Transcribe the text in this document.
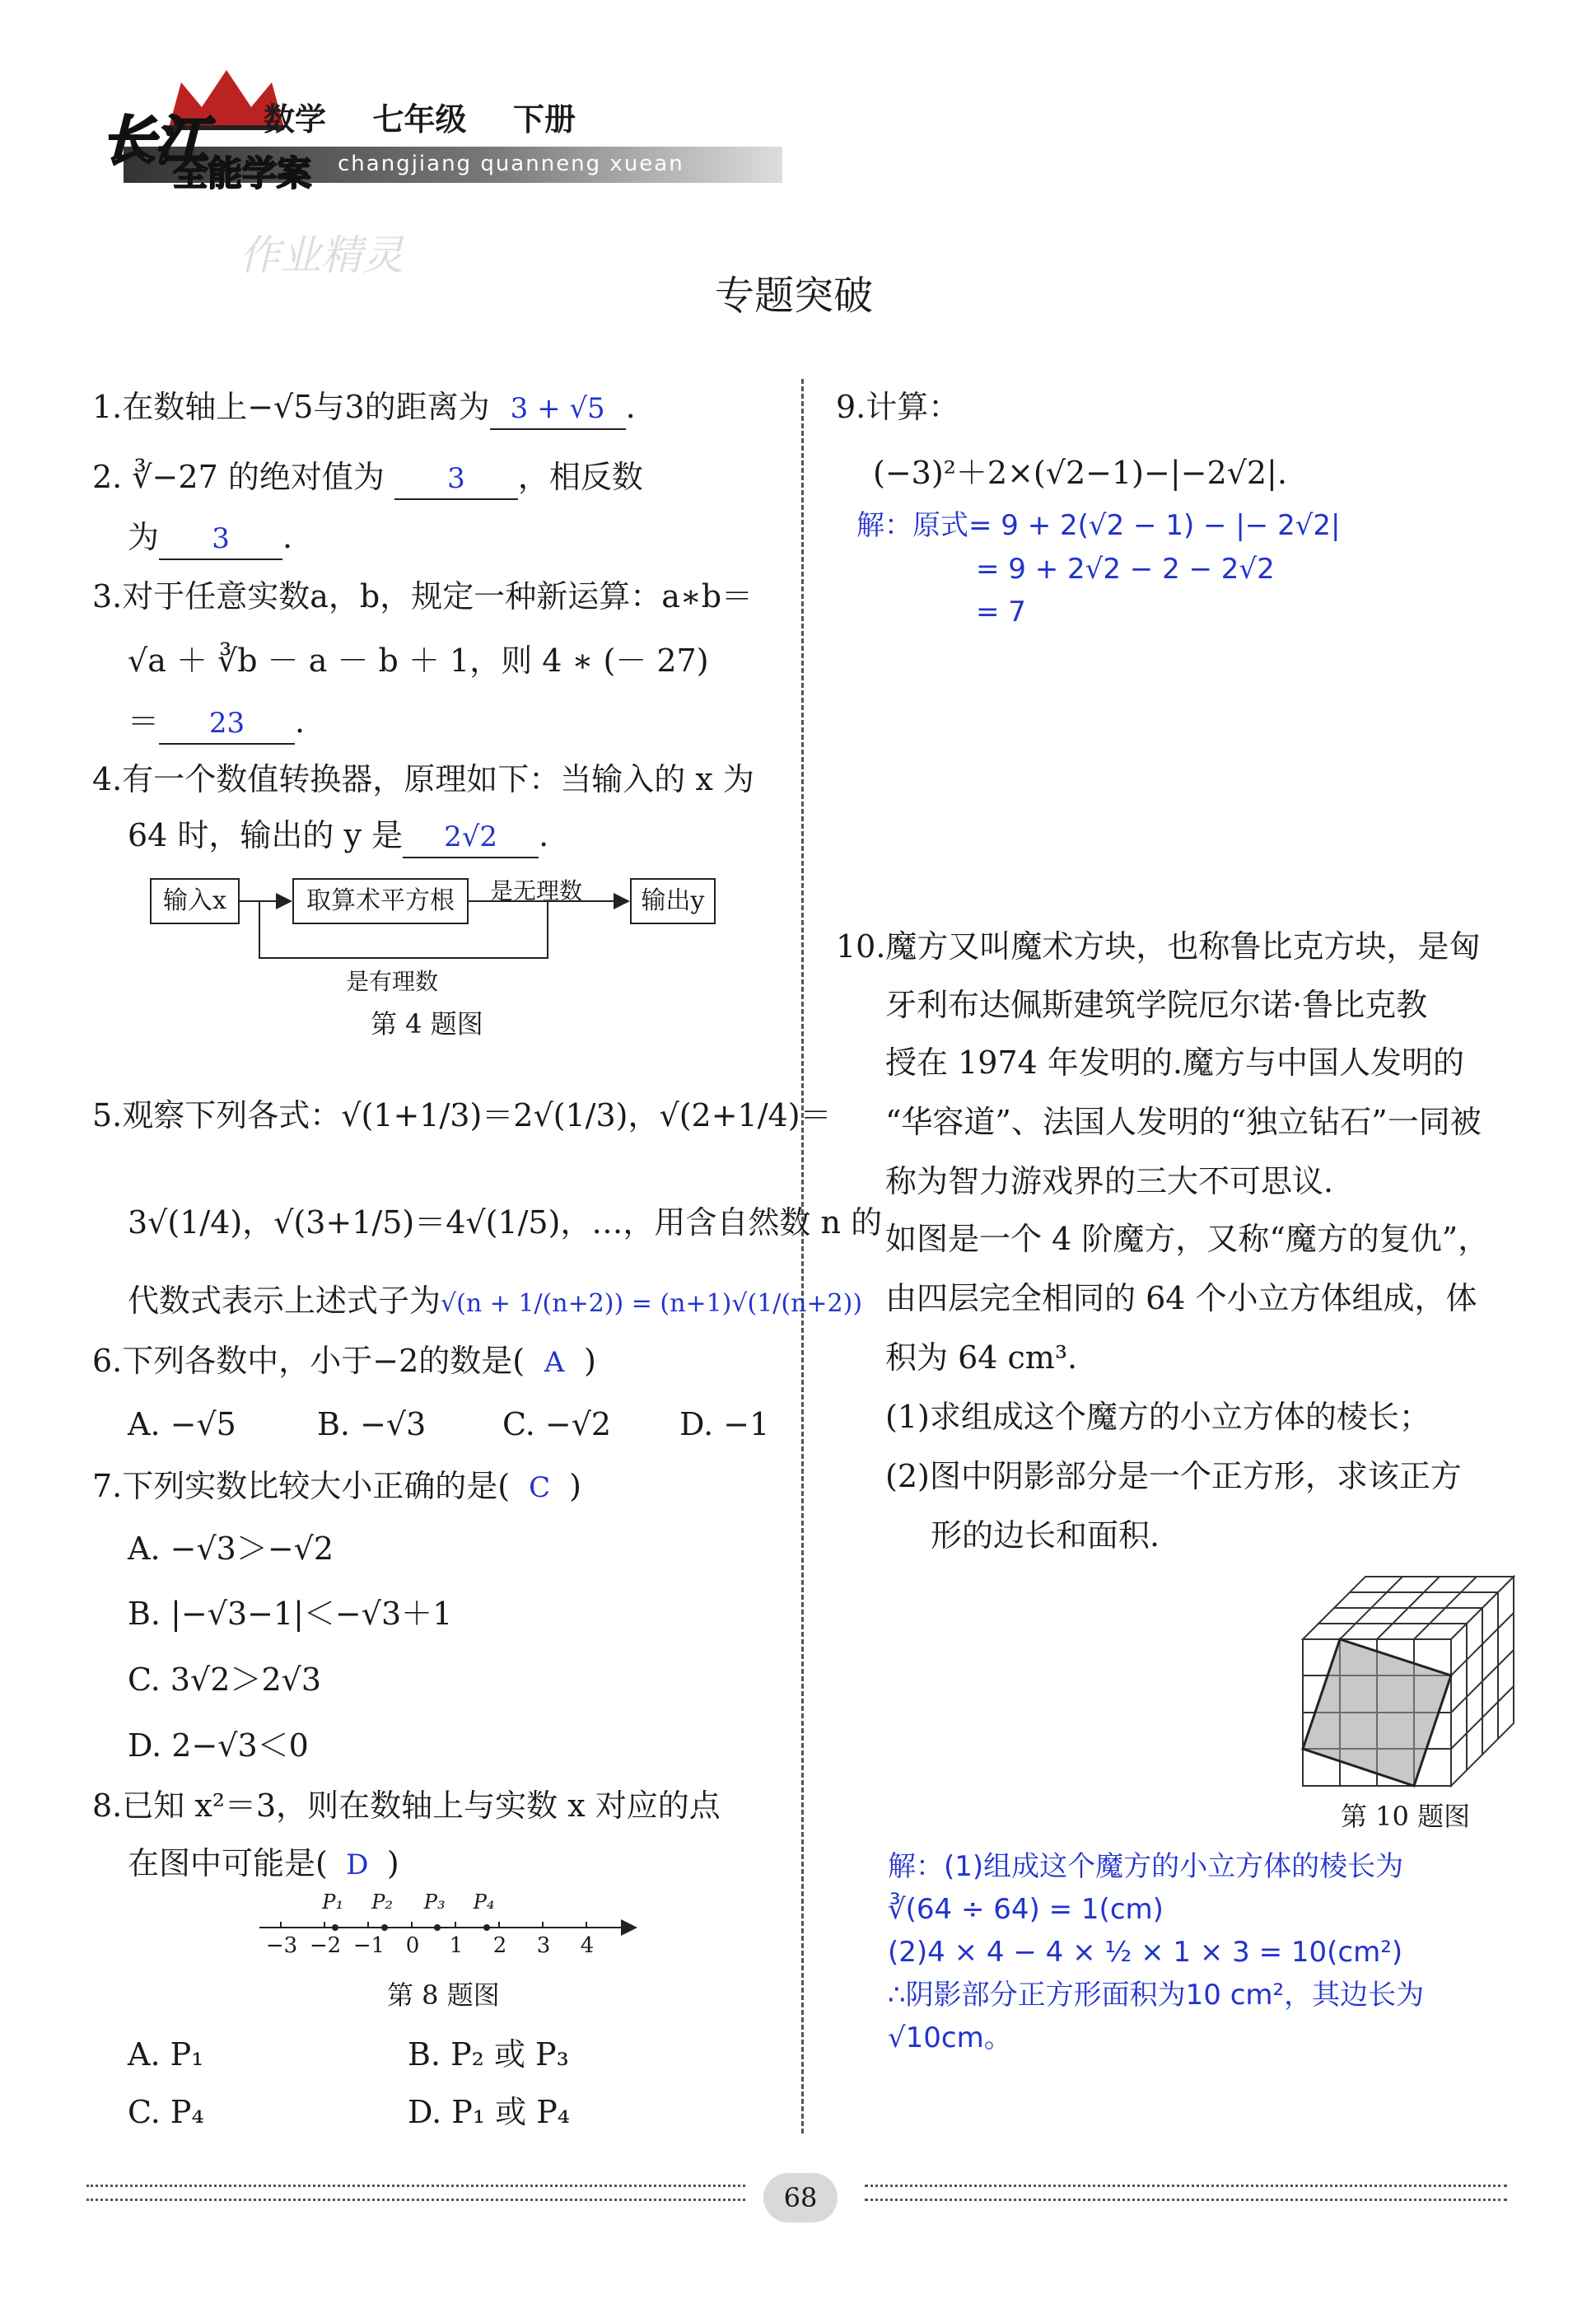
长江
全能学案 changjiang quanneng xuean
数学 七年级 下册
作业精灵
专题突破
1.在数轴上−√5与3的距离为 3 + √5 .
2. ∛−27 的绝对值为 3 ，相反数
为 3 .
3.对于任意实数a，b，规定一种新运算：a∗b＝
√a ＋ ∛b － a － b ＋ 1，则 4 ∗ (－ 27)
＝ 23 .
4.有一个数值转换器，原理如下：当输入的 x 为
64 时，输出的 y 是 2√2 .
输入x	取算术平方根	输出y
是无理数
是有理数
第 4 题图
5.观察下列各式：√(1+1/3)＝2√(1/3)，√(2+1/4)＝
3√(1/4)，√(3+1/5)＝4√(1/5)，…，用含自然数 n 的
代数式表示上述式子为√(n + 1/(n+2)) = (n+1)√(1/(n+2))
6.下列各数中，小于−2的数是( A )
A. −√5	B. −√3 C. −√2 D. −1
7.下列实数比较大小正确的是( C )
A. −√3＞−√2
B. |−√3−1|＜−√3＋1
C. 3√2＞2√3
D. 2−√3＜0
8.已知 x²＝3，则在数轴上与实数 x 对应的点
在图中可能是( D )
−3 −2 −1 0	1	2	3	4
P₁ P₂ P₃ P₄
第 8 题图
A. P₁	B. P₂ 或 P₃
C. P₄	D. P₁ 或 P₄
9.计算：
(−3)²＋2×(√2−1)−|−2√2|.
解：原式= 9 + 2(√2 − 1) − |− 2√2|
= 9 + 2√2 − 2 − 2√2
= 7
10.魔方又叫魔术方块，也称鲁比克方块，是匈
牙利布达佩斯建筑学院厄尔诺·鲁比克教
授在 1974 年发明的.魔方与中国人发明的
“华容道”、法国人发明的“独立钻石”一同被
称为智力游戏界的三大不可思议.
如图是一个 4 阶魔方，又称“魔方的复仇”，
由四层完全相同的 64 个小立方体组成，体
积为 64 cm³.
(1)求组成这个魔方的小立方体的棱长；
(2)图中阴影部分是一个正方形，求该正方
形的边长和面积.
第 10 题图
解：(1)组成这个魔方的小立方体的棱长为
∛(64 ÷ 64) = 1(cm)
(2)4 × 4 − 4 × ½ × 1 × 3 = 10(cm²)
∴阴影部分正方形面积为10 cm²，其边长为
√10cm。
68
